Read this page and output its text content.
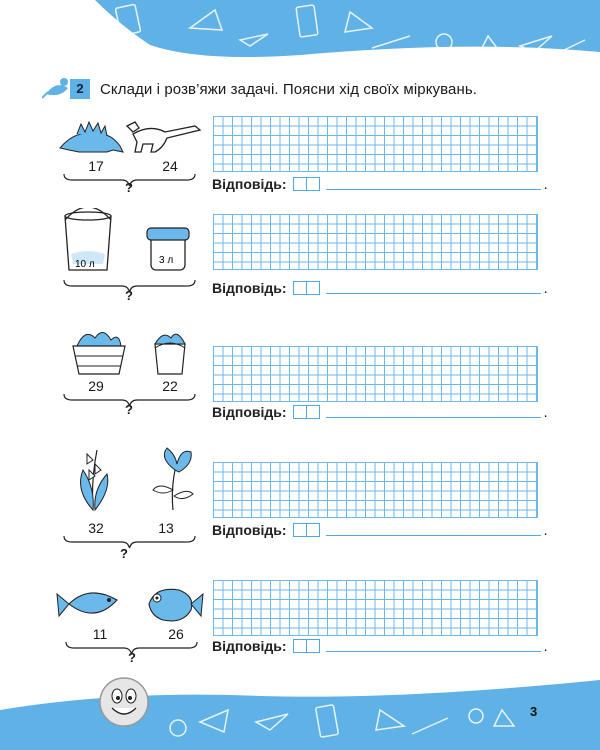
2	Склади і розв’яжи задачі. Поясни хід своїх міркувань.
17	24
?	Відповідь:	.
10 л	3 л
?	Відповідь:	.
29	22
?	Відповідь:	.
32	13
?
Відповідь:	.
11	26
?
Відповідь:	.
3
